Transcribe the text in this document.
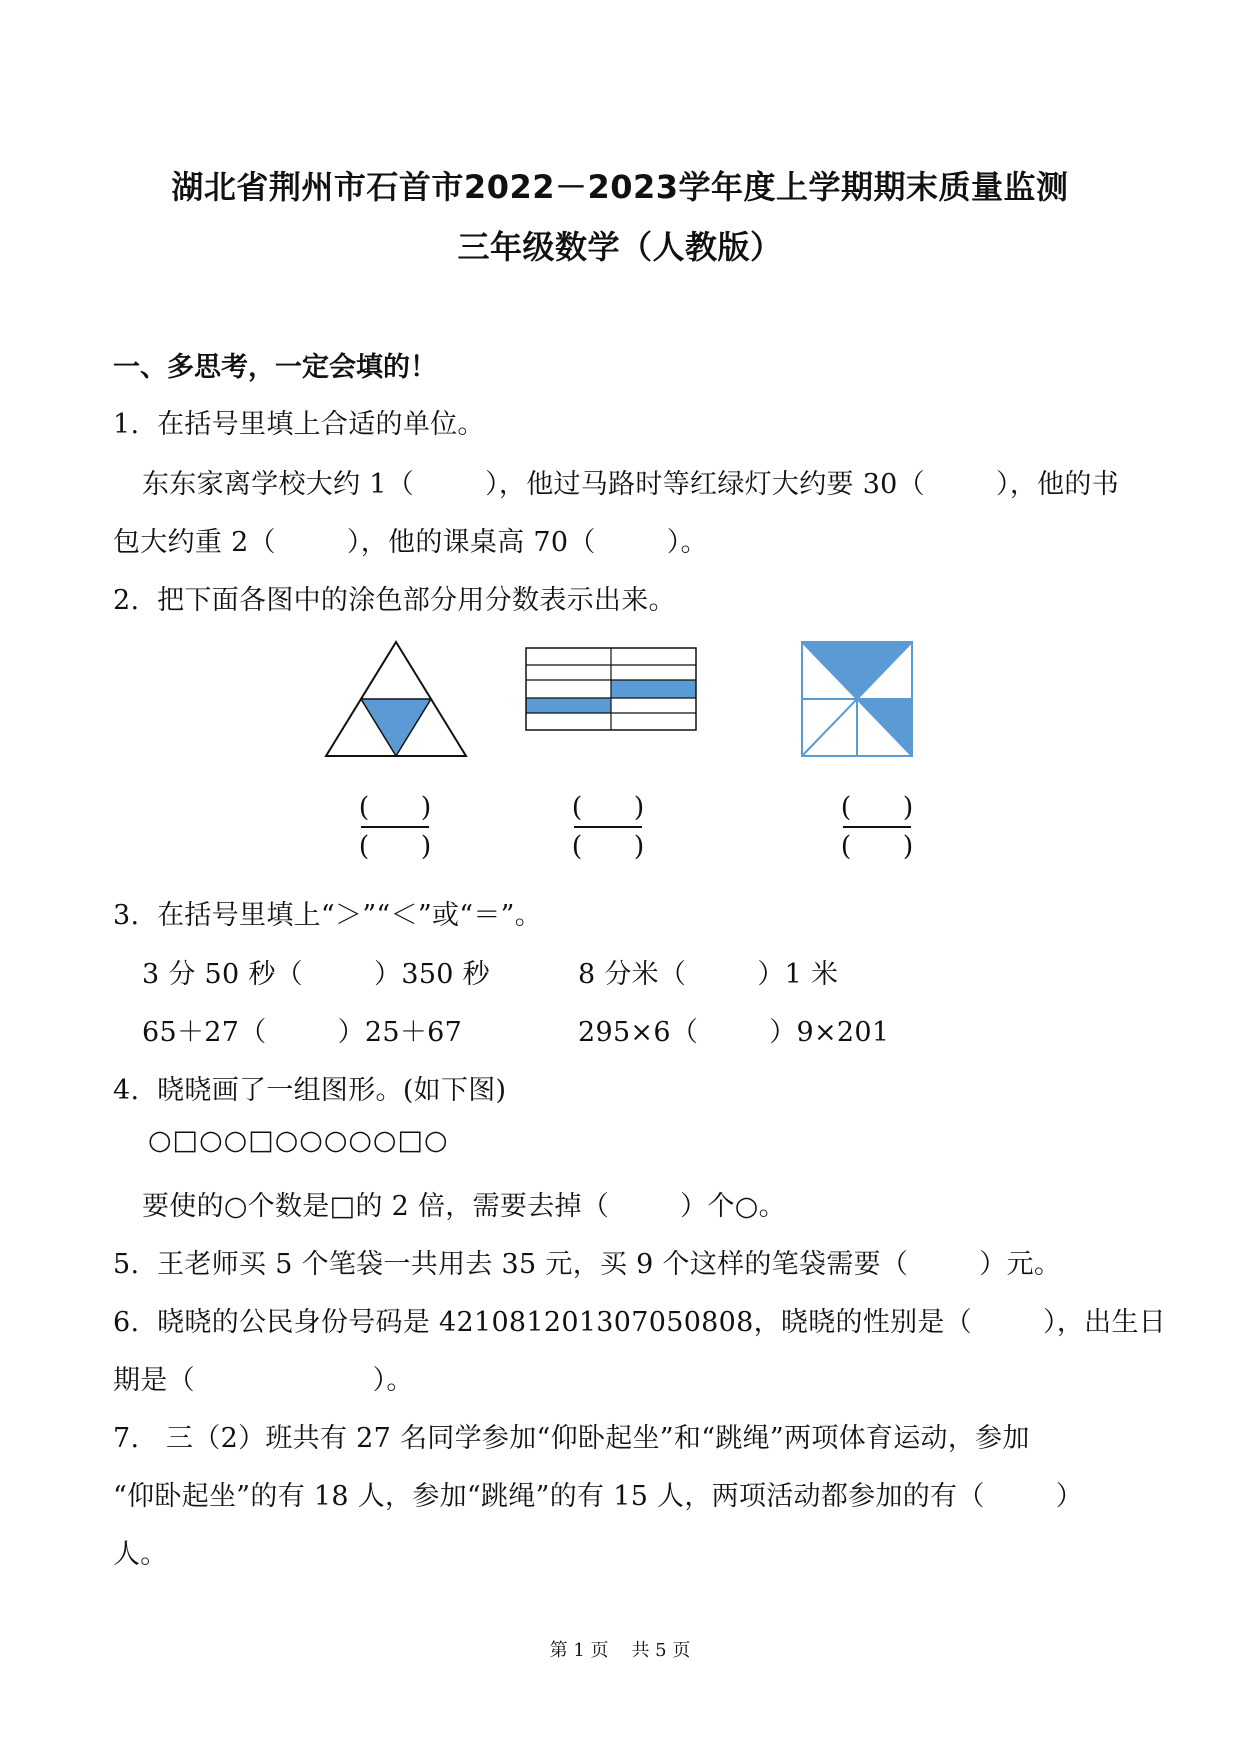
湖北省荆州市石首市2022－2023学年度上学期期末质量监测
三年级数学（人教版）
一、多思考，一定会填的！
1.  在括号里填上合适的单位。
东东家离学校大约 1（        ），他过马路时等红绿灯大约要 30（        ），他的书
包大约重 2（        ），他的课桌高 70（        ）。
2.  把下面各图中的涂色部分用分数表示出来。
(      )
(      )
(      )
(      )
(      )
(      )
3.  在括号里填上“＞”“＜”或“＝”。
3 分 50 秒（        ）350 秒	8 分米（        ）1 米
65＋27（        ）25＋67	295×6（        ）9×201
4.  晓晓画了一组图形。(如下图)
○□○○□○○○○○□○
要使的○个数是□的 2 倍，需要去掉（        ）个○。
5.  王老师买 5 个笔袋一共用去 35 元，买 9 个这样的笔袋需要（        ）元。
6.  晓晓的公民身份号码是 421081201307050808，晓晓的性别是（        ），出生日
期是（                    ）。
7.   三（2）班共有 27 名同学参加“仰卧起坐”和“跳绳”两项体育运动，参加
“仰卧起坐”的有 18 人，参加“跳绳”的有 15 人，两项活动都参加的有（        ）
人。
第 1 页    共 5 页
